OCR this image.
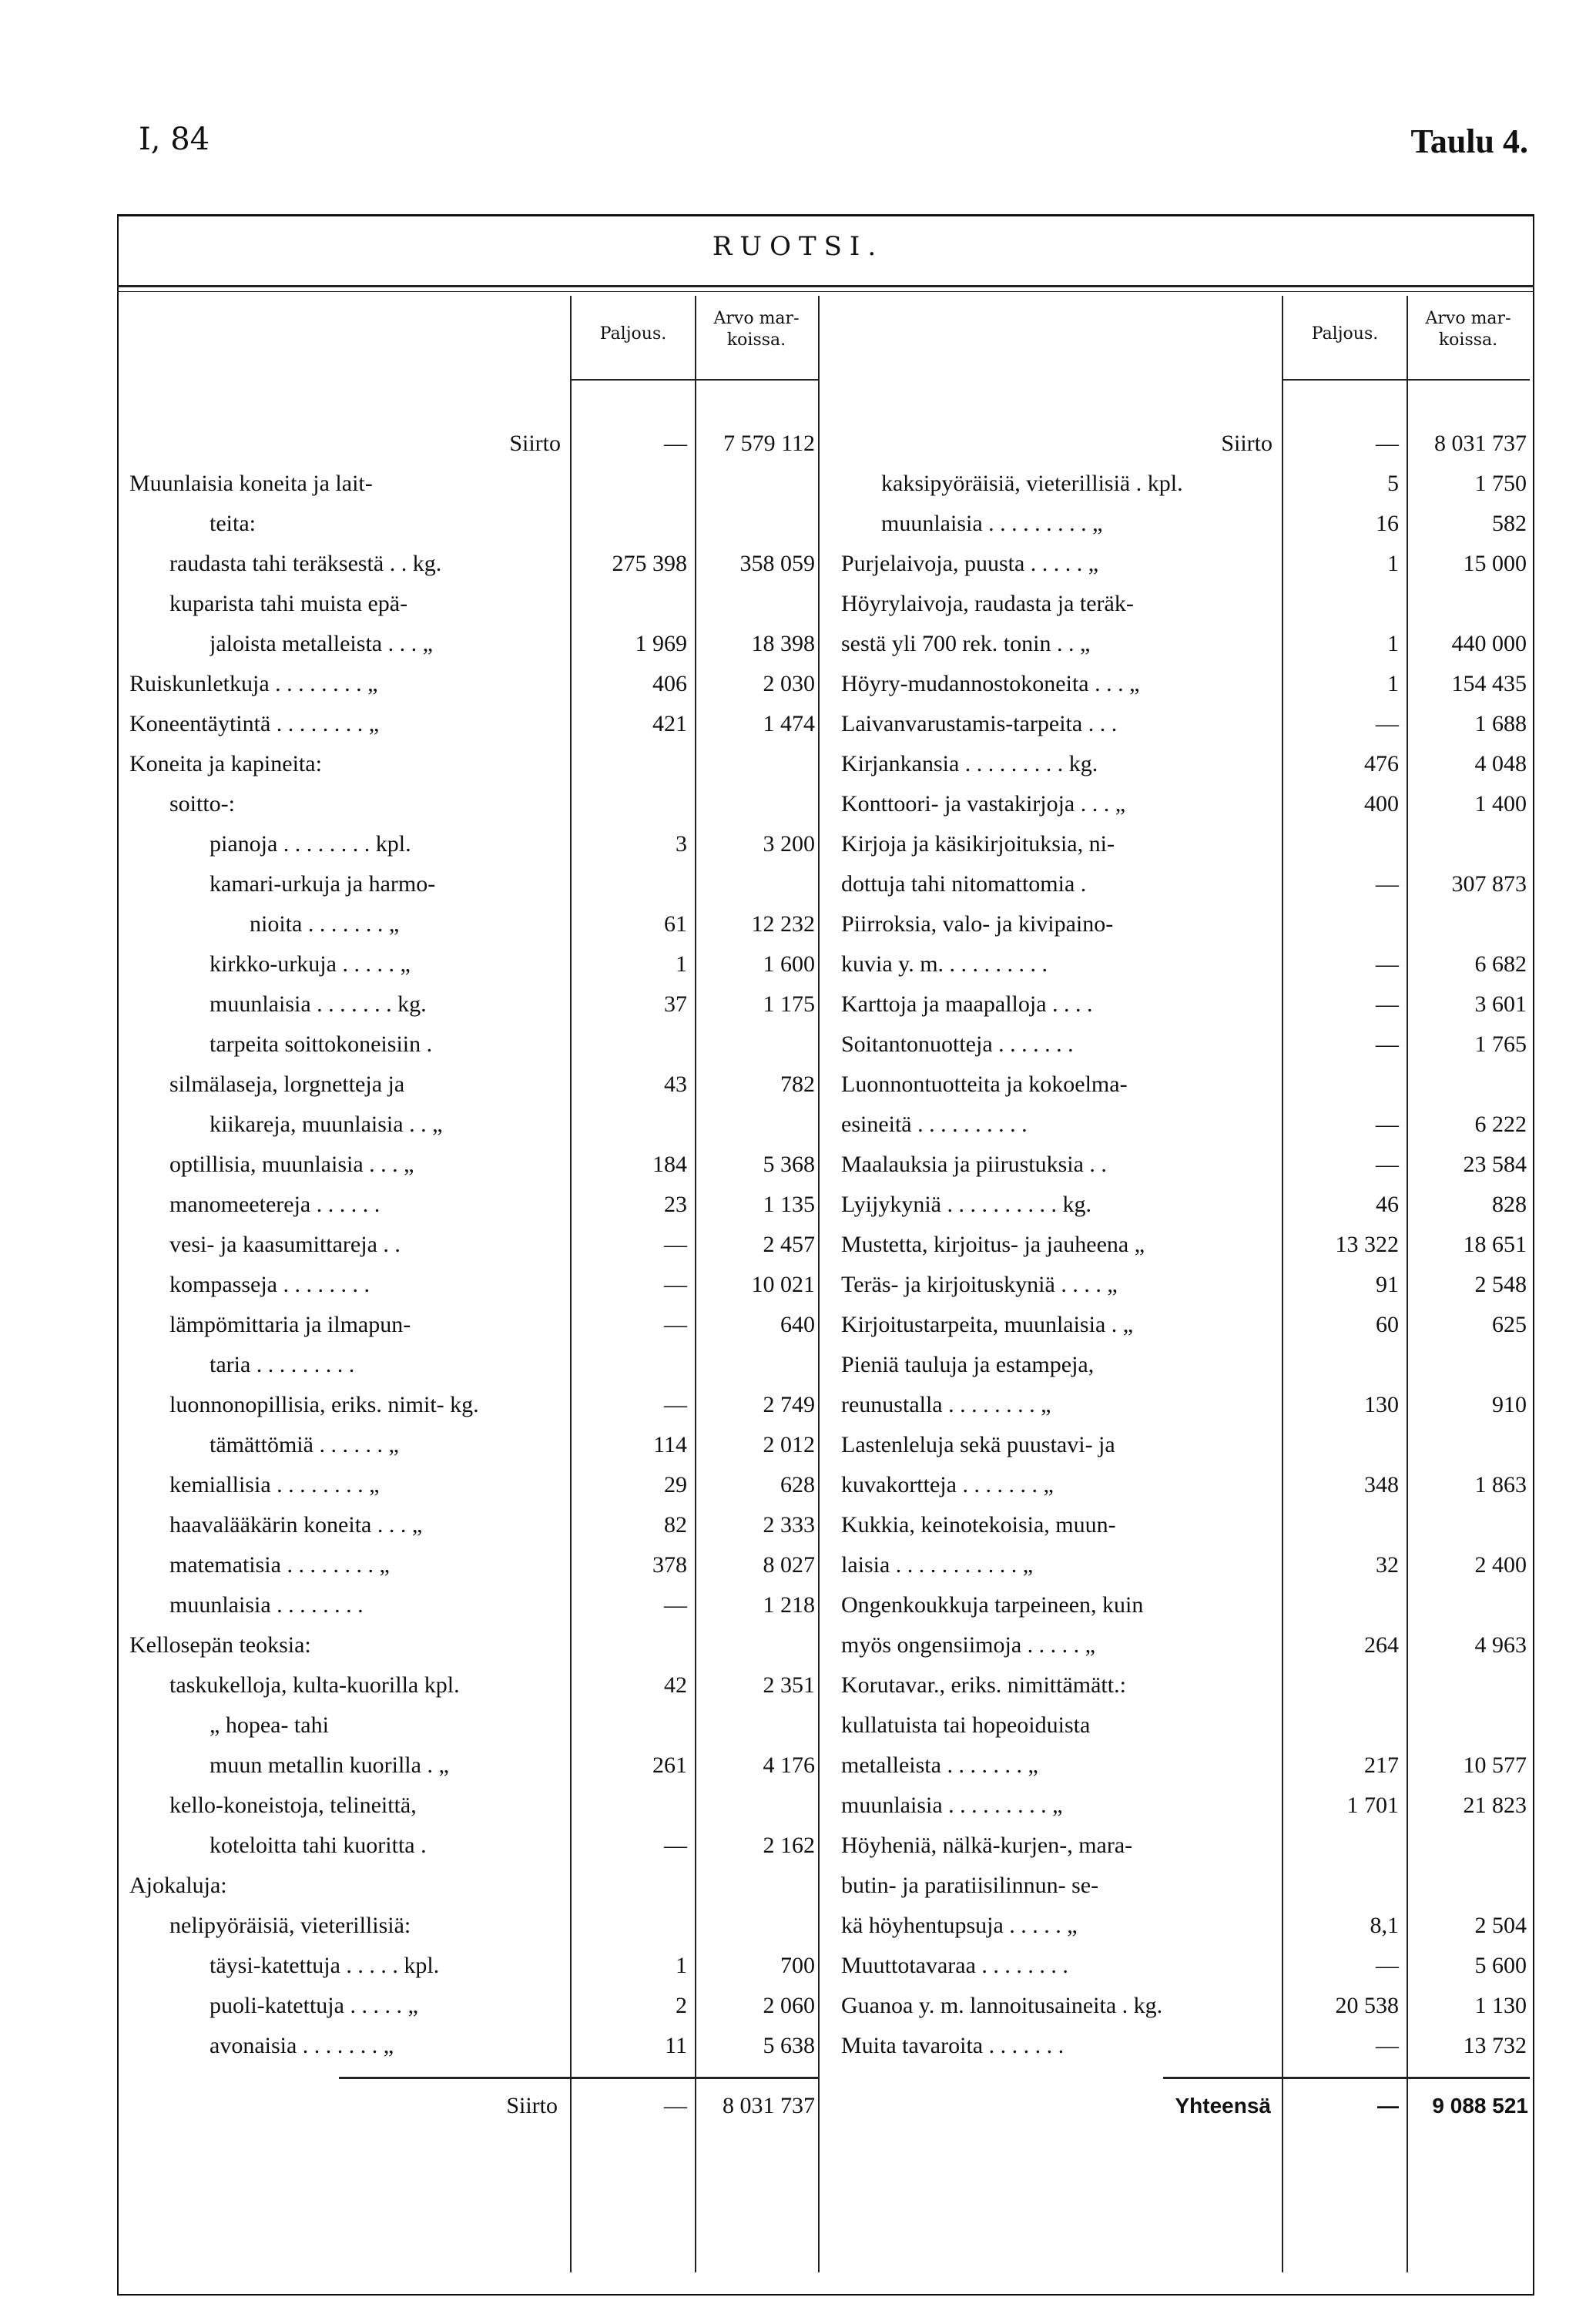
I, 84	Taulu 4.
RUOTSI.
Paljous.
Arvo mar-
koissa.	Paljous.
Arvo mar-
koissa.
Siirto	—	7 579 112
Muunlaisia koneita ja lait-
teita:
raudasta tahi teräksestä . . kg.	275 398	358 059
kuparista tahi muista epä-
jaloista metalleista . . . „	1 969	18 398
Ruiskunletkuja . . . . . . . . „	406	2 030
Koneentäytintä . . . . . . . . „	421	1 474
Koneita ja kapineita:
soitto-:
pianoja . . . . . . . . kpl.	3	3 200
kamari-urkuja ja harmo-
nioita . . . . . . . „	61	12 232
kirkko-urkuja . . . . . „	1	1 600
muunlaisia . . . . . . . kg.	37	1 175
tarpeita soittokoneisiin .
silmälaseja, lorgnetteja ja	43	782
kiikareja, muunlaisia . . „
optillisia, muunlaisia . . . „	184	5 368
manomeetereja . . . . . .	23	1 135
vesi- ja kaasumittareja . .	—	2 457
kompasseja . . . . . . . .	—	10 021
lämpömittaria ja ilmapun-	—	640
taria . . . . . . . . .
luonnonopillisia, eriks. nimit- kg.	—	2 749
tämättömiä . . . . . . „	114	2 012
kemiallisia . . . . . . . . „	29	628
haavalääkärin koneita . . . „	82	2 333
matematisia . . . . . . . . „	378	8 027
muunlaisia . . . . . . . .	—	1 218
Kellosepän teoksia:
taskukelloja, kulta-kuorilla kpl.	42	2 351
„ hopea- tahi
muun metallin kuorilla . „	261	4 176
kello-koneistoja, telineittä,
koteloitta tahi kuoritta .	—	2 162
Ajokaluja:
nelipyöräisiä, vieterillisiä:
täysi-katettuja . . . . . kpl.	1	700
puoli-katettuja . . . . . „	2	2 060
avonaisia . . . . . . . „	11	5 638
Siirto	—	8 031 737
kaksipyöräisiä, vieterillisiä . kpl.	5	1 750
muunlaisia . . . . . . . . . „	16	582
Purjelaivoja, puusta . . . . . „	1	15 000
Höyrylaivoja, raudasta ja teräk-
sestä yli 700 rek. tonin . . „	1	440 000
Höyry-mudannostokoneita . . . „	1	154 435
Laivanvarustamis-tarpeita . . .	—	1 688
Kirjankansia . . . . . . . . . kg.	476	4 048
Konttoori- ja vastakirjoja . . . „	400	1 400
Kirjoja ja käsikirjoituksia, ni-
dottuja tahi nitomattomia .	—	307 873
Piirroksia, valo- ja kivipaino-
kuvia y. m. . . . . . . . . .	—	6 682
Karttoja ja maapalloja . . . .	—	3 601
Soitantonuotteja . . . . . . .	—	1 765
Luonnontuotteita ja kokoelma-
esineitä . . . . . . . . . .	—	6 222
Maalauksia ja piirustuksia . .	—	23 584
Lyijykyniä . . . . . . . . . . kg.	46	828
Mustetta, kirjoitus- ja jauheena „	13 322	18 651
Teräs- ja kirjoituskyniä . . . . „	91	2 548
Kirjoitustarpeita, muunlaisia . „	60	625
Pieniä tauluja ja estampeja,
reunustalla . . . . . . . . „	130	910
Lastenleluja sekä puustavi- ja
kuvakortteja . . . . . . . „	348	1 863
Kukkia, keinotekoisia, muun-
laisia . . . . . . . . . . . „	32	2 400
Ongenkoukkuja tarpeineen, kuin
myös ongensiimoja . . . . . „	264	4 963
Korutavar., eriks. nimittämätt.:
kullatuista tai hopeoiduista
metalleista . . . . . . . „	217	10 577
muunlaisia . . . . . . . . . „	1 701	21 823
Höyheniä, nälkä-kurjen-, mara-
butin- ja paratiisilinnun- se-
kä höyhentupsuja . . . . . „	8,1	2 504
Muuttotavaraa . . . . . . . .	—	5 600
Guanoa y. m. lannoitusaineita . kg.	20 538	1 130
Muita tavaroita . . . . . . .	—	13 732
Siirto	—	8 031 737	Yhteensä	—	9 088 521
